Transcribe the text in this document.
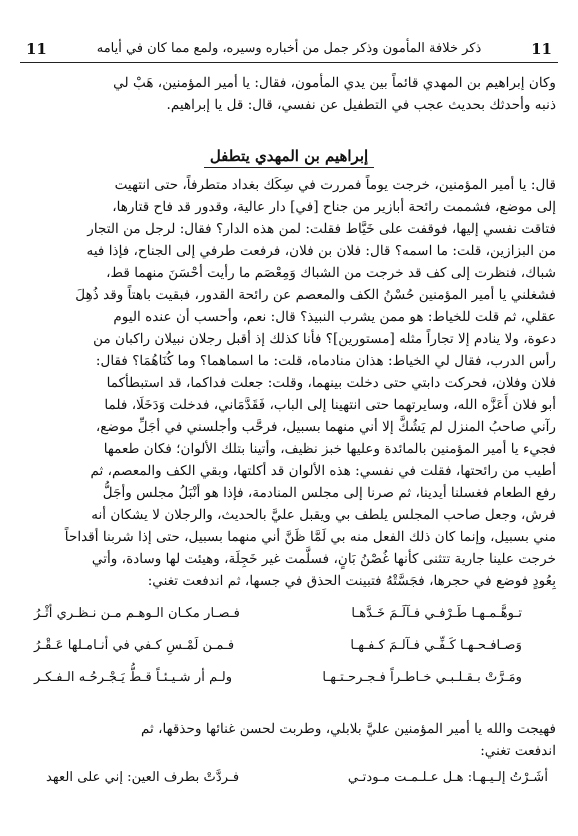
11
ذكر خلافة المأمون وذكر جمل من أخباره وسيره، ولمع مما كان في أيامه
11

وكان إبراهيم بن المهدي قائماً بين يدي المأمون، فقال: يا أمير المؤمنين، هَبْ لي

ذنبه وأحدثك بحديث عجب في التطفيل عن نفسي، قال: قل يا إبراهيم.

إبراهيم بن المهدي يتطفل

قال: يا أمير المؤمنين، خرجت يوماً فمررت في سِكَك بغداد متطرفاً، حتى انتهيت

إلى موضع، فشممت رائحة أبازير من جناح [في] دار عالية، وقدور قد فاح قتارها،

فتاقت نفسي إليها، فوقفت على خَيَّاط فقلت: لمن هذه الدار؟ فقال: لرجل من التجار

من البزازين، قلت: ما اسمه؟ قال: فلان بن فلان، فرفعت طرفي إلى الجناح، فإذا فيه

شباك، فنظرت إلى كف قد خرجت من الشباك وَمِعْصَم ما رأيت أحْسَنَ منهما قط،

فشغلني يا أمير المؤمنين حُسْنُ الكف والمعصم عن رائحة القدور، فبقيت باهتاً وقد ذُهِلَ

عقلي، ثم قلت للخياط: هو ممن يشرب النبيذ؟ قال: نعم، وأحسب أن عنده اليوم

دعوة، ولا ينادم إلا تجاراً مثله [مستورين]؟ فأنا كذلك إذ أقبل رجلان نبيلان راكبان من

رأس الدرب، فقال لي الخياط: هذان منادماه، قلت: ما اسماهما؟ وما كُنَاهُمَا؟ فقال:

فلان وفلان، فحركت دابتي حتى دخلت بينهما، وقلت: جعلت فداكما، قد استبطأكما

أبو فلان أَعَزَّه الله، وسايرتهما حتى انتهينا إلى الباب، فَقَدَّمَاني، فدخلت وَدَخَلَا، فلما

رآني صاحبُ المنزل لم يَشُكَّ إلا أني منهما بسبيل، فرحَّب وأجلسني في أجَلِّ موضع،

فجيء يا أمير المؤمنين بالمائدة وعليها خبز نظيف، وأتينا بتلك الألوان؛ فكان طعمها

أطيب من رائحتها، فقلت في نفسي: هذه الألوان قد أكلتها، وبقي الكف والمعصم، ثم

رفع الطعام فغسلنا أيدينا، ثم صرنا إلى مجلس المنادمة، فإذا هو أنْبَلُ مجلس وأجَلُّ

فرش، وجعل صاحب المجلس يلطف بي ويقبل عليَّ بالحديث، والرجلان لا يشكان أنه

مني بسبيل، وإنما كان ذلك الفعل منه بي لَمَّا ظَنَّ أني منهما بسبيل، حتى إذا شربنا أقداحاً

خرجت علينا جارية تتثنى كأنها غُصْنُ بَانٍ، فسلَّمت غير خَجِلَة، وهيئت لها وسادة، وأتي

بِعُودٍ فوضع في حجرها، فجَسَّتْهُ فتبينت الحذق في جسها، ثم اندفعت تغني:

تـوهَّـمـهـا طَـرْفـي فـآلَـمَ خَـدَّهـا
فـصـار مكـان الـوهـم مـن نـظـري أثْـرُ
وَصـافـحـهـا كَـفِّـي فـآلـمَ كـفـهـا
فـمـن لَمْـسِ كـفي في أنـامـلها عَـقْـرُ
ومَـرَّتْ بـقـلـبـي خـاطـراً فـجـرحـتـهـا
ولـم أر شـيـئـاً قـطُّ يَـجْـرحُـه الـفـكـر

فهيجت والله يا أمير المؤمنين عليَّ بلابلي، وطربت لحسن غنائها وحذقها، ثم

اندفعت تغني:

أشَـرْتُ إلـيـهـا: هـل عـلـمـت مـودتـي
فـردَّتْ بطرف العين: إني على العهد
